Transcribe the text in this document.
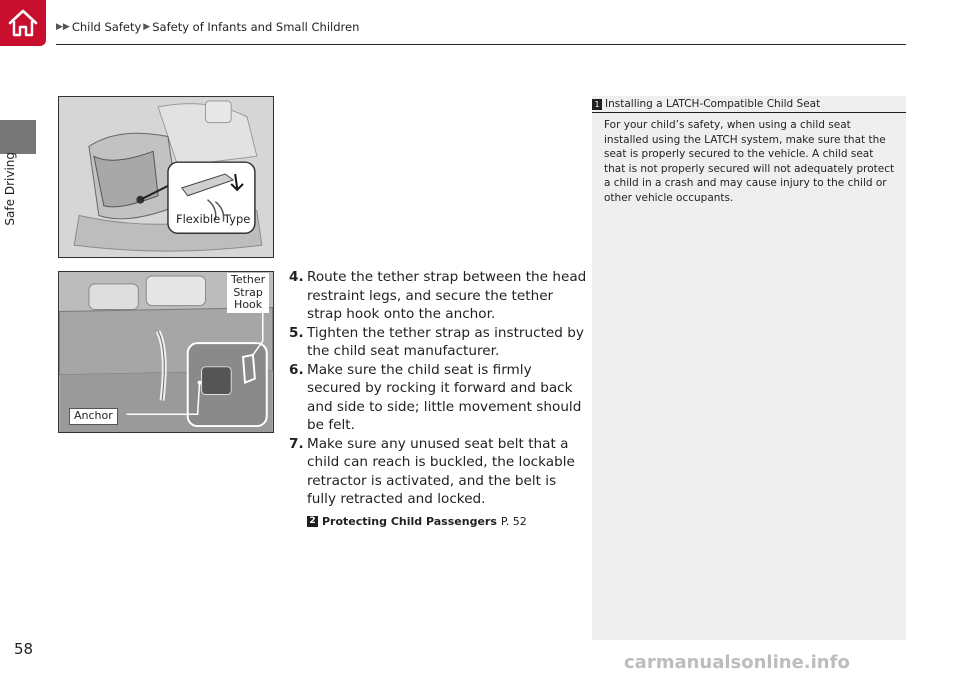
▶▶ Child Safety ▶ Safety of Infants and Small Children
Safe Driving	Flexible Type
Tether
Strap
Hook
Anchor
4. Route the tether strap between the head restraint legs, and secure the tether strap hook onto the anchor.
5. Tighten the tether strap as instructed by the child seat manufacturer.
6. Make sure the child seat is firmly secured by rocking it forward and back and side to side; little movement should be felt.
7. Make sure any unused seat belt that a child can reach is buckled, the lockable retractor is activated, and the belt is fully retracted and locked.
2 Protecting Child Passengers P. 52
1 Installing a LATCH-Compatible Child Seat
For your child’s safety, when using a child seat installed using the LATCH system, make sure that the seat is properly secured to the vehicle. A child seat that is not properly secured will not adequately protect a child in a crash and may cause injury to the child or other vehicle occupants.
58
carmanualsonline.info
